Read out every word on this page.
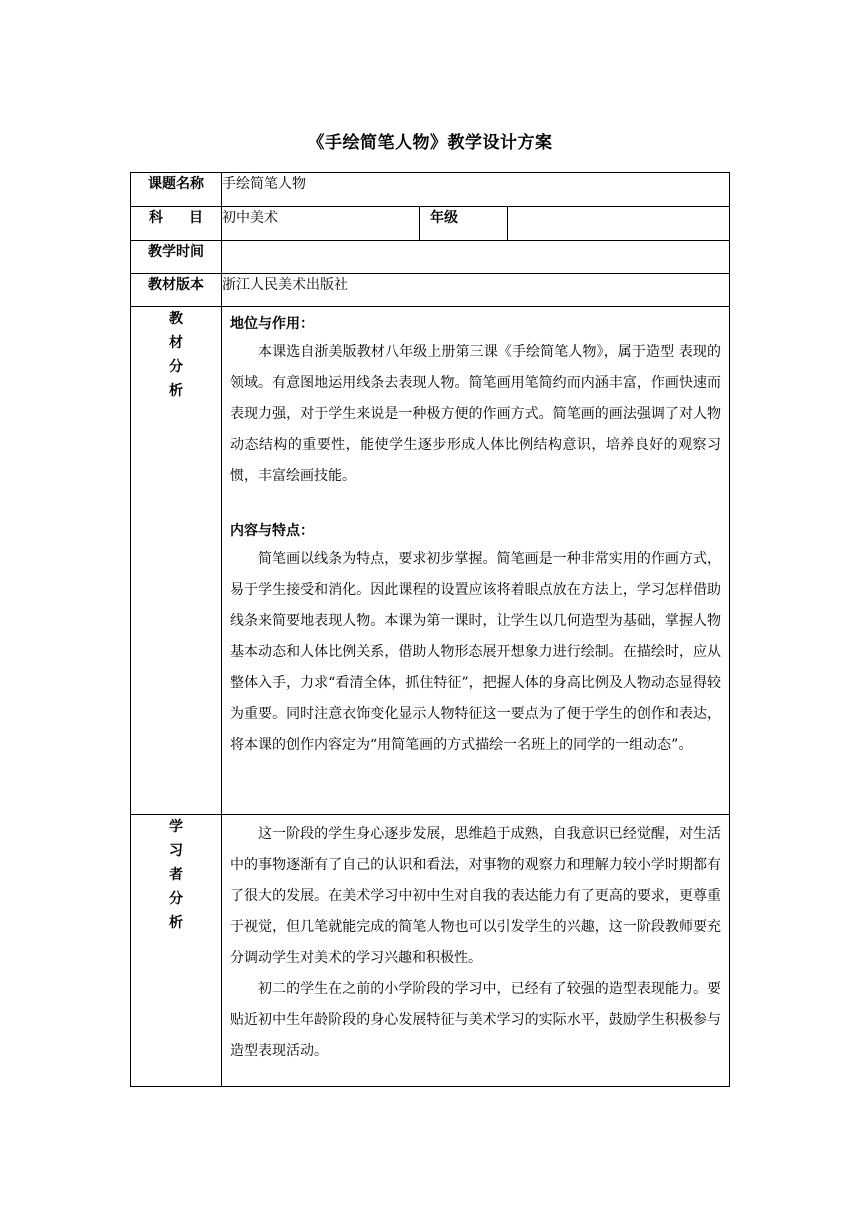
《手绘简笔人物》教学设计方案
课题名称	手绘简笔人物		

科 目	初中美术	年级	
教学时间			
教材版本	浙江人民美术出版社		
教材分析	地位与作用：

本课选自浙美版教材八年级上册第三课《手绘简笔人物》，属于造型 表现的领域。有意图地运用线条去表现人物。简笔画用笔简约而内涵丰富，作画快速而表现力强，对于学生来说是一种极方便的作画方式。简笔画的画法强调了对人物动态结构的重要性，能使学生逐步形成人体比例结构意识，培养良好的观察习惯，丰富绘画技能。

内容与特点：

简笔画以线条为特点，要求初步掌握。简笔画是一种非常实用的作画方式，易于学生接受和消化。因此课程的设置应该将着眼点放在方法上，学习怎样借助线条来简要地表现人物。本课为第一课时，让学生以几何造型为基础，掌握人物基本动态和人体比例关系，借助人物形态展开想象力进行绘制。在描绘时，应从整体入手，力求“看清全体，抓住特征”，把握人体的身高比例及人物动态显得较为重要。同时注意衣饰变化显示人物特征这一要点为了便于学生的创作和表达，将本课的创作内容定为“用简笔画的方式描绘一名班上的同学的一组动态”。		

学习者分析	这一阶段的学生身心逐步发展，思维趋于成熟，自我意识已经觉醒，对生活中的事物逐渐有了自己的认识和看法，对事物的观察力和理解力较小学时期都有了很大的发展。在美术学习中初中生对自我的表达能力有了更高的要求，更尊重于视觉，但几笔就能完成的简笔人物也可以引发学生的兴趣，这一阶段教师要充分调动学生对美术的学习兴趣和积极性。

初二的学生在之前的小学阶段的学习中，已经有了较强的造型表现能力。要贴近初中生年龄阶段的身心发展特征与美术学习的实际水平，鼓励学生积极参与造型表现活动。		
